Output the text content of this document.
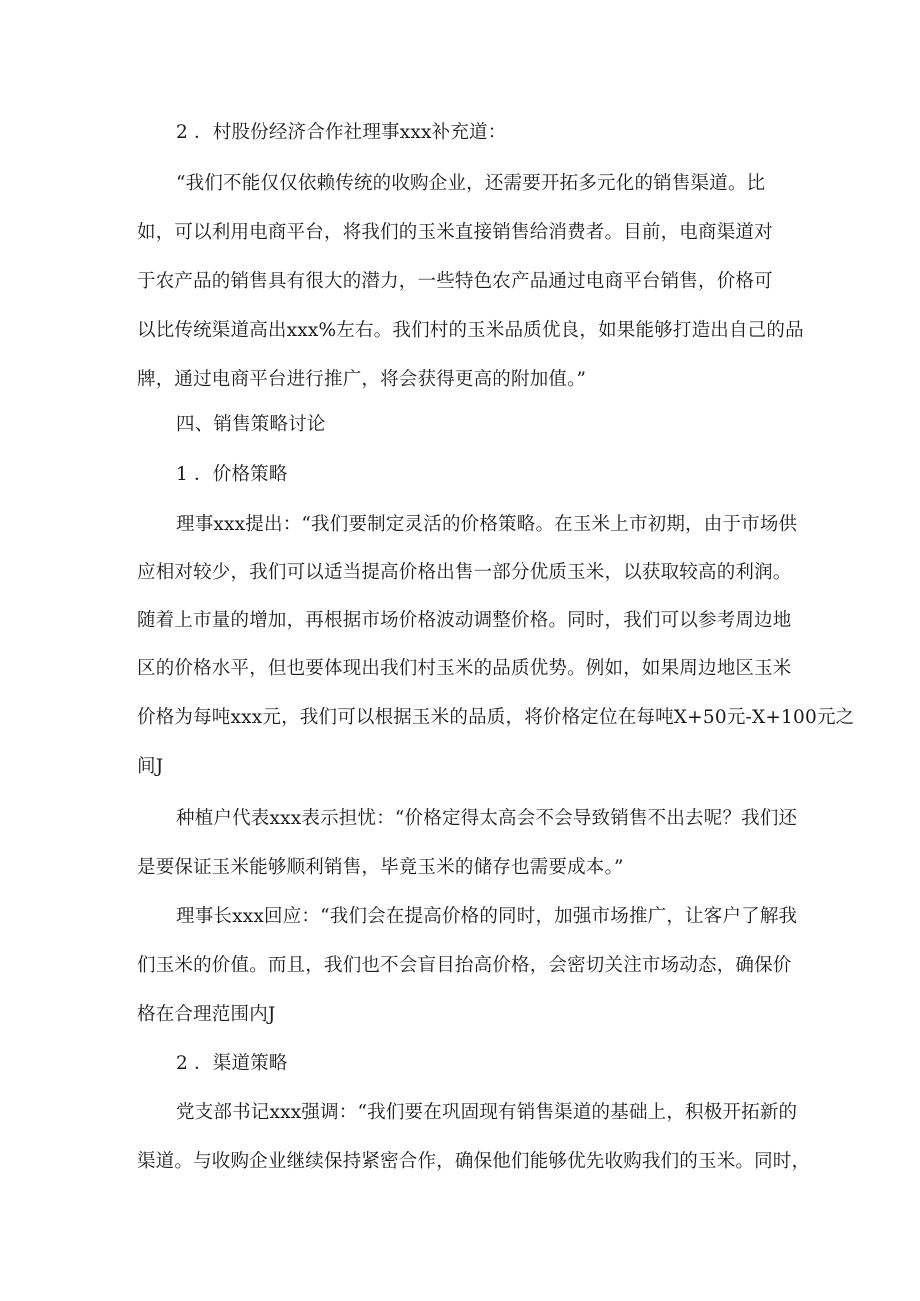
2 ．村股份经济合作社理事xxx补充道：
“我们不能仅仅依赖传统的收购企业，还需要开拓多元化的销售渠道。比
如，可以利用电商平台，将我们的玉米直接销售给消费者。目前，电商渠道对
于农产品的销售具有很大的潜力，一些特色农产品通过电商平台销售，价格可
以比传统渠道高出xxx%左右。我们村的玉米品质优良，如果能够打造出自己的品
牌，通过电商平台进行推广，将会获得更高的附加值。”
四、销售策略讨论
1 ．价格策略
理事xxx提出：“我们要制定灵活的价格策略。在玉米上市初期，由于市场供
应相对较少，我们可以适当提高价格出售一部分优质玉米，以获取较高的利润。
随着上市量的增加，再根据市场价格波动调整价格。同时，我们可以参考周边地
区的价格水平，但也要体现出我们村玉米的品质优势。例如，如果周边地区玉米
价格为每吨xxx元，我们可以根据玉米的品质，将价格定位在每吨X+50元-X+100元之
间J
种植户代表xxx表示担忧：“价格定得太高会不会导致销售不出去呢？我们还
是要保证玉米能够顺利销售，毕竟玉米的储存也需要成本。”
理事长xxx回应：“我们会在提高价格的同时，加强市场推广，让客户了解我
们玉米的价值。而且，我们也不会盲目抬高价格，会密切关注市场动态，确保价
格在合理范围内J
2 ．渠道策略
党支部书记xxx强调：“我们要在巩固现有销售渠道的基础上，积极开拓新的
渠道。与收购企业继续保持紧密合作，确保他们能够优先收购我们的玉米。同时，
